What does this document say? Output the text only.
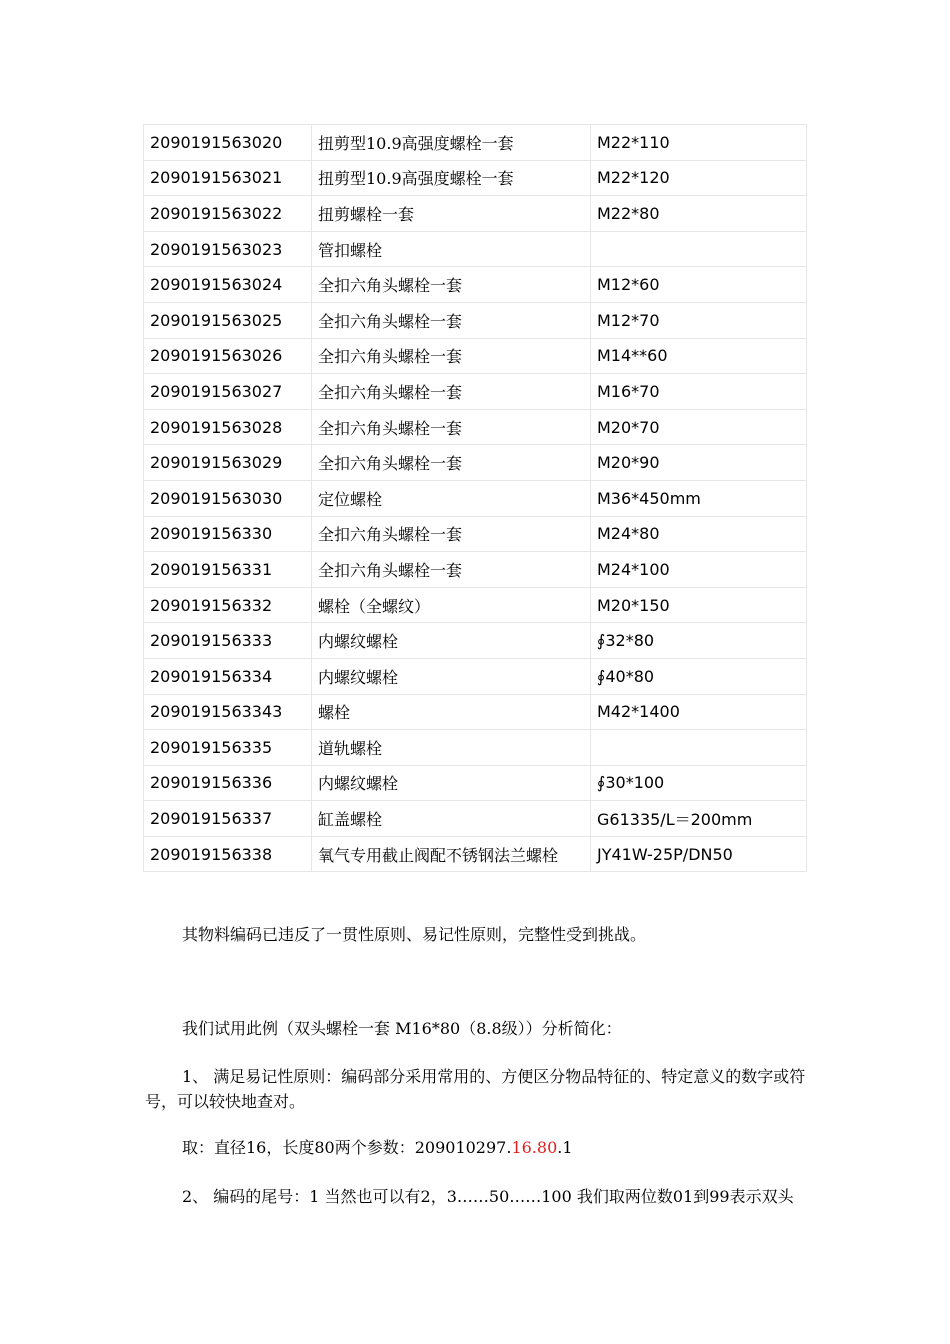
2090191563020	扭剪型10.9高强度螺栓一套	M22*110
2090191563021	扭剪型10.9高强度螺栓一套	M22*120
2090191563022	扭剪螺栓一套	M22*80
2090191563023	管扣螺栓	
2090191563024	全扣六角头螺栓一套	M12*60
2090191563025	全扣六角头螺栓一套	M12*70
2090191563026	全扣六角头螺栓一套	M14**60
2090191563027	全扣六角头螺栓一套	M16*70
2090191563028	全扣六角头螺栓一套	M20*70
2090191563029	全扣六角头螺栓一套	M20*90
2090191563030	定位螺栓	M36*450mm
209019156330	全扣六角头螺栓一套	M24*80
209019156331	全扣六角头螺栓一套	M24*100
209019156332	螺栓（全螺纹）	M20*150
209019156333	内螺纹螺栓	∮32*80
209019156334	内螺纹螺栓	∮40*80
2090191563343	螺栓	M42*1400
209019156335	道轨螺栓	
209019156336	内螺纹螺栓	∮30*100
209019156337	缸盖螺栓	G61335/L＝200mm
209019156338	氧气专用截止阀配不锈钢法兰螺栓	JY41W-25P/DN50
其物料编码已违反了一贯性原则、易记性原则，完整性受到挑战。
我们试用此例（双头螺栓一套 M16*80（8.8级））分析简化：
1、 满足易记性原则：编码部分采用常用的、方便区分物品特征的、特定意义的数字或符号，可以较快地查对。
取：直径16，长度80两个参数：209010297.16.80.1
2、 编码的尾号：1 当然也可以有2，3……50……100 我们取两位数01到99表示双头
